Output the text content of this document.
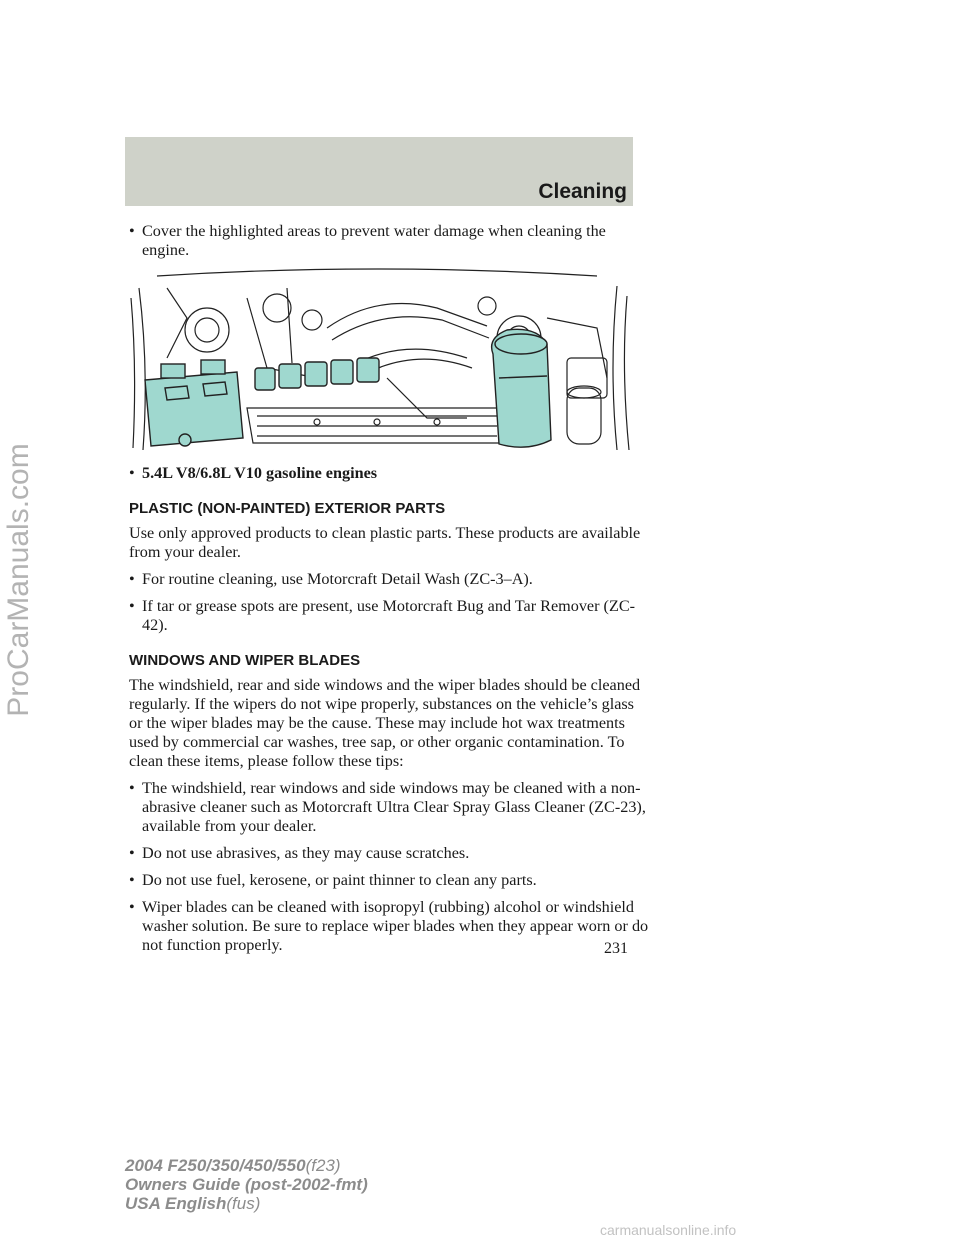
Cleaning
ProCarManuals.com
• Cover the highlighted areas to prevent water damage when cleaning the engine.
• 5.4L V8/6.8L V10 gasoline engines
PLASTIC (NON-PAINTED) EXTERIOR PARTS

Use only approved products to clean plastic parts. These products are available from your dealer.

• For routine cleaning, use Motorcraft Detail Wash (ZC-3–A).
• If tar or grease spots are present, use Motorcraft Bug and Tar Remover (ZC-42).
WINDOWS AND WIPER BLADES

The windshield, rear and side windows and the wiper blades should be cleaned regularly. If the wipers do not wipe properly, substances on the vehicle’s glass or the wiper blades may be the cause. These may include hot wax treatments used by commercial car washes, tree sap, or other organic contamination. To clean these items, please follow these tips:

• The windshield, rear windows and side windows may be cleaned with a non-abrasive cleaner such as Motorcraft Ultra Clear Spray Glass Cleaner (ZC-23), available from your dealer.
• Do not use abrasives, as they may cause scratches.
• Do not use fuel, kerosene, or paint thinner to clean any parts.
• Wiper blades can be cleaned with isopropyl (rubbing) alcohol or windshield washer solution. Be sure to replace wiper blades when they appear worn or do not function properly.	231
2004 F250/350/450/550(f23)
Owners Guide (post-2002-fmt)
USA English(fus)
carmanualsonline.info
